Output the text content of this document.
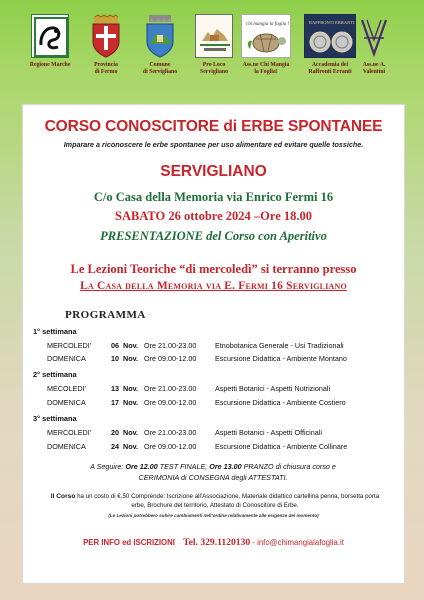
Regione Marche	Provincia
di Fermo
Comune
di Servigliano
Pro Loco
Servigliano
chi mangia la foglia !
Ass.ne Chi Mangia
la Foglia!
RAFFRONTI ERRANTI
Accademia dei
Raffronti Erranti
Ass.ne A.
Valentini
CORSO CONOSCITORE di ERBE SPONTANEE
Imparare a riconoscere le erbe spontanee per uso alimentare ed evitare quelle tossiche.
SERVIGLIANO
C/o Casa della Memoria via Enrico Fermi 16
SABATO 26 ottobre 2024 –Ore 18.00
PRESENTAZIONE del Corso con Aperitivo
Le Lezioni Teoriche “di mercoledì” si terranno presso
La Casa della Memoria via E. Fermi 16 Servigliano
PROGRAMMA
1° settimana
MERCOLEDI'	06 Nov. Ore 21.00-23.00	Etnobotanica Generale - Usi Tradizionali
DOMENICA	10 Nov. Ore 09.00-12.00	Escursione Didattica - Ambiente Montano
2° settimana
MECOLEDI'	13 Nov. Ore 21.00-23.00	Aspetti Botanici - Aspetti Nutrizionali
DOMENICA	17 Nov. Ore 09.00-12.00	Escursione Didattica - Ambiente Costiero
3° settimana
MERCOLEDI'	20 Nov. Ore 21.00-23.00	Aspetti Botanici - Aspetti Officinali
DOMENICA	24 Nov. Ore 09.00-12.00	Escursione Didattica - Ambiente Collinare
A Seguire: Ore 12.00 TEST FINALE, Ore 13.00 PRANZO di chiusura corso e
CERIMONIA di CONSEGNA degli ATTESTATI.
Il Corso ha un costo di €.50 Comprende: Iscrizione all'Associazione, Materiale didattico cartellina penna, borsetta porta erbe, Brochure del territorio, Attestato di Conoscitore di Erbe.
(Le Lezioni potrebbero subire cambiamenti nell’ordine relativamente alle esigenze del momento)
PER INFO ed ISCRIZIONI Tel. 329.1120130 - info@chimangialafoglia.it
